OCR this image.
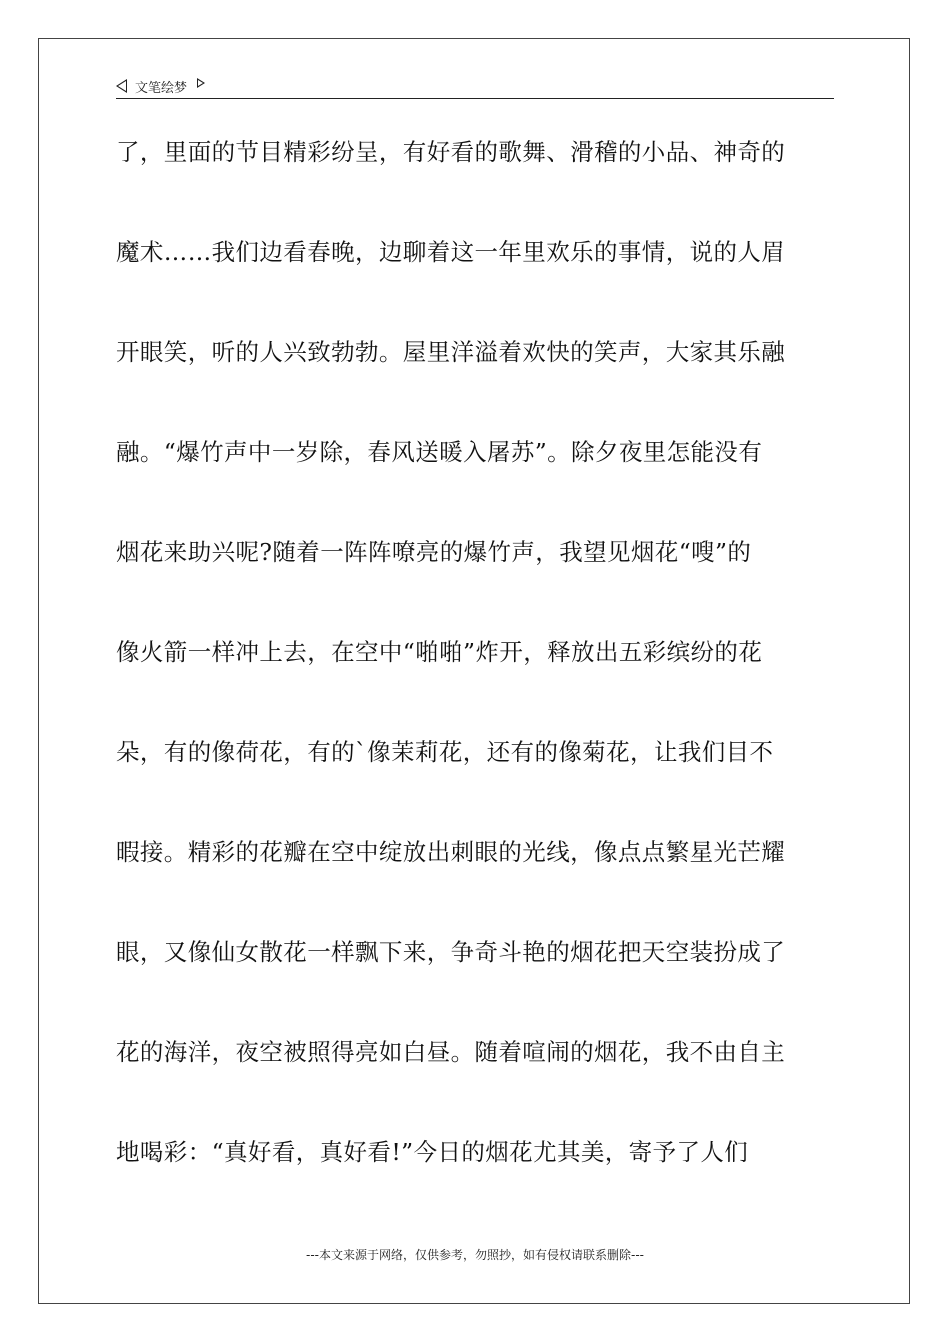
文笔绘梦
了，里面的节目精彩纷呈，有好看的歌舞、滑稽的小品、神奇的
魔术……我们边看春晚，边聊着这一年里欢乐的事情，说的人眉
开眼笑，听的人兴致勃勃。屋里洋溢着欢快的笑声，大家其乐融
融。“爆竹声中一岁除，春风送暖入屠苏”。除夕夜里怎能没有
烟花来助兴呢?随着一阵阵嘹亮的爆竹声，我望见烟花“嗖”的
像火箭一样冲上去，在空中“啪啪”炸开，释放出五彩缤纷的花
朵，有的像荷花，有的`像茉莉花，还有的像菊花，让我们目不
暇接。精彩的花瓣在空中绽放出刺眼的光线，像点点繁星光芒耀
眼，又像仙女散花一样飘下来，争奇斗艳的烟花把天空装扮成了
花的海洋，夜空被照得亮如白昼。随着喧闹的烟花，我不由自主
地喝彩：“真好看，真好看!”今日的烟花尤其美，寄予了人们
---本文来源于网络，仅供参考，勿照抄，如有侵权请联系删除---
